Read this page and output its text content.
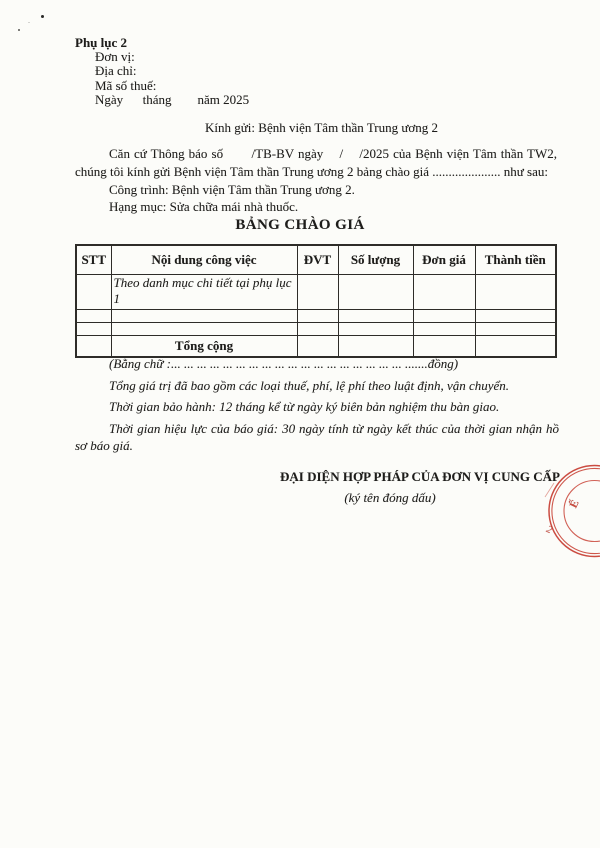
Phụ lục 2
Đơn vị:
Địa chỉ:
Mã số thuế:
Ngày      tháng        năm 2025
Kính gửi: Bệnh viện Tâm thần Trung ương 2

Căn cứ Thông báo số       /TB-BV ngày    /    /2025 của Bệnh viện Tâm thần TW2, chúng tôi kính gửi Bệnh viện Tâm thần Trung ương 2 bảng chào giá ..................... như sau:

Công trình: Bệnh viện Tâm thần Trung ương 2.

Hạng mục: Sửa chữa mái nhà thuốc.

BẢNG CHÀO GIÁ
STT	Nội dung công việc	ĐVT	Số lượng	Đơn giá	Thành tiền
	Theo danh mục chi tiết tại phụ lục 1				

	Tổng cộng				

(Bằng chữ :... ... ... ... ... ... ... ... ... ... ... ... ... ... ... ... ... ... .......đồng)

Tổng giá trị đã bao gồm các loại thuế, phí, lệ phí theo luật định, vận chuyển.

Thời gian bảo hành: 12 tháng kể từ ngày ký biên bản nghiệm thu bàn giao.

Thời gian hiệu lực của báo giá: 30 ngày tính từ ngày kết thúc của thời gian nhận hồ sơ báo giá.

ĐẠI DIỆN HỢP PHÁP CỦA ĐƠN VỊ CUNG CẤP
(ký tên đóng dấu)	Ế
2
